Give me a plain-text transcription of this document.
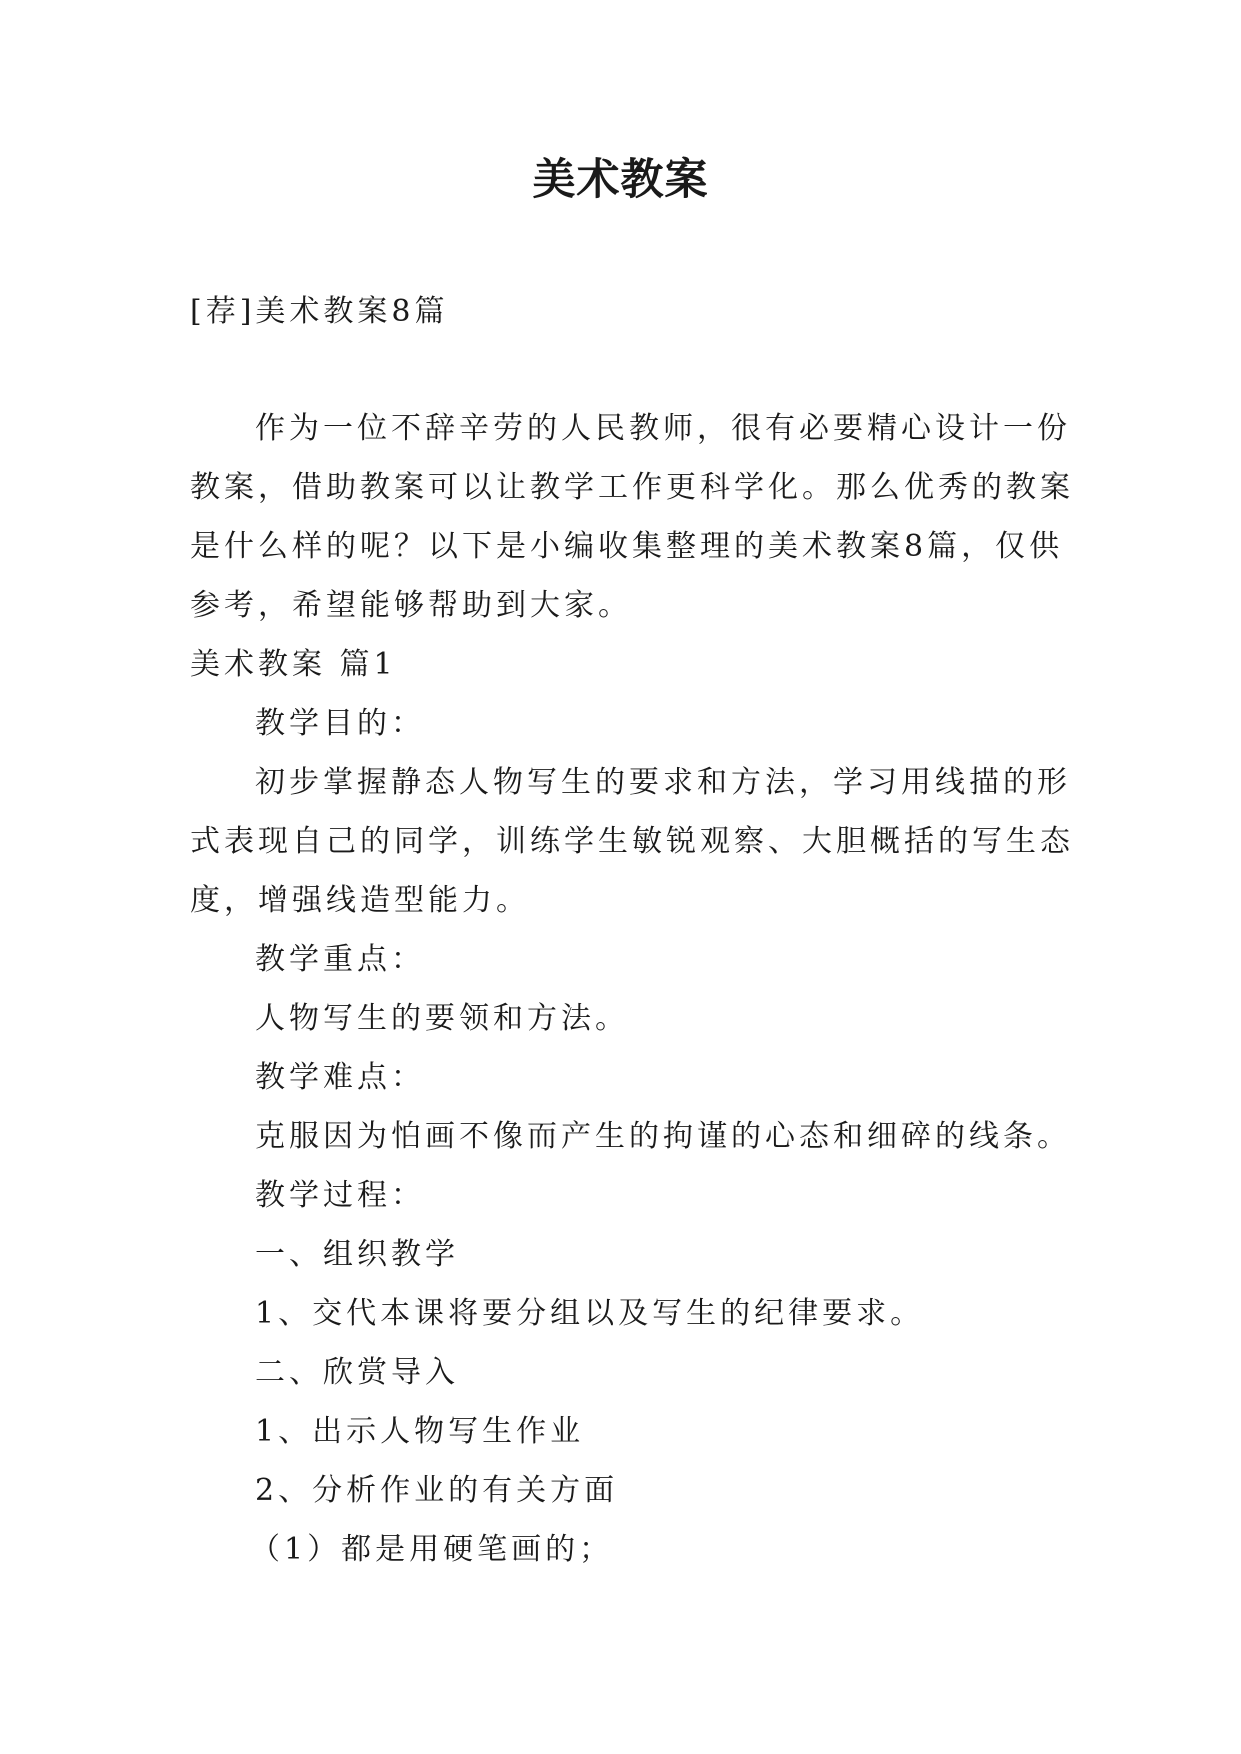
美术教案
[荐]美术教案8篇
作为一位不辞辛劳的人民教师，很有必要精心设计一份
教案，借助教案可以让教学工作更科学化。那么优秀的教案
是什么样的呢？以下是小编收集整理的美术教案8篇，仅供
参考，希望能够帮助到大家。
美术教案 篇1
教学目的：
初步掌握静态人物写生的要求和方法，学习用线描的形
式表现自己的同学，训练学生敏锐观察、大胆概括的写生态
度，增强线造型能力。
教学重点：
人物写生的要领和方法。
教学难点：
克服因为怕画不像而产生的拘谨的心态和细碎的线条。
教学过程：
一、组织教学
1、交代本课将要分组以及写生的纪律要求。
二、欣赏导入
1、出示人物写生作业
2、分析作业的有关方面
（1）都是用硬笔画的；
